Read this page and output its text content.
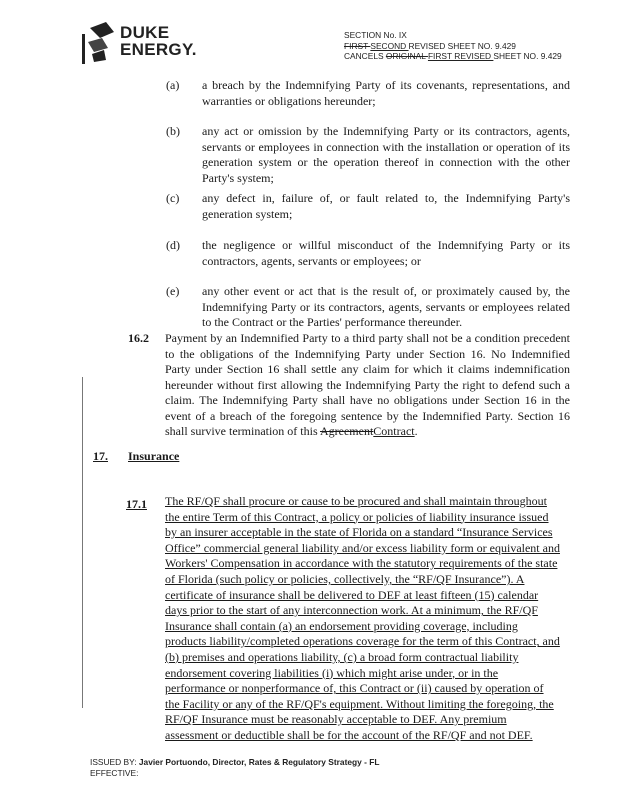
DUKE
ENERGY.
SECTION No. IX
FIRST SECOND REVISED SHEET NO. 9.429
CANCELS ORIGINAL FIRST REVISED SHEET NO. 9.429
(a) a breach by the Indemnifying Party of its covenants, representations, and warranties or obligations hereunder;
(b) any act or omission by the Indemnifying Party or its contractors, agents, servants or employees in connection with the installation or operation of its generation system or the operation thereof in connection with the other Party's system;
(c) any defect in, failure of, or fault related to, the Indemnifying Party's generation system;
(d) the negligence or willful misconduct of the Indemnifying Party or its contractors, agents, servants or employees; or
(e) any other event or act that is the result of, or proximately caused by, the Indemnifying Party or its contractors, agents, servants or employees related to the Contract or the Parties' performance thereunder.
16.2 Payment by an Indemnified Party to a third party shall not be a condition precedent to the obligations of the Indemnifying Party under Section 16. No Indemnified Party under Section 16 shall settle any claim for which it claims indemnification hereunder without first allowing the Indemnifying Party the right to defend such a claim. The Indemnifying Party shall have no obligations under Section 16 in the event of a breach of the foregoing sentence by the Indemnified Party. Section 16 shall survive termination of this AgreementContract.
17. Insurance
17.1 The RF/QF shall procure or cause to be procured and shall maintain throughout
the entire Term of this Contract, a policy or policies of liability insurance issued
by an insurer acceptable in the state of Florida on a standard “Insurance Services
Office” commercial general liability and/or excess liability form or equivalent and
Workers' Compensation in accordance with the statutory requirements of the state
of Florida (such policy or policies, collectively, the “RF/QF Insurance”). A
certificate of insurance shall be delivered to DEF at least fifteen (15) calendar
days prior to the start of any interconnection work. At a minimum, the RF/QF
Insurance shall contain (a) an endorsement providing coverage, including
products liability/completed operations coverage for the term of this Contract, and
(b) premises and operations liability, (c) a broad form contractual liability
endorsement covering liabilities (i) which might arise under, or in the
performance or nonperformance of, this Contract or (ii) caused by operation of
the Facility or any of the RF/QF's equipment. Without limiting the foregoing, the
RF/QF Insurance must be reasonably acceptable to DEF. Any premium
assessment or deductible shall be for the account of the RF/QF and not DEF.
ISSUED BY: Javier Portuondo, Director, Rates & Regulatory Strategy - FL
EFFECTIVE:
